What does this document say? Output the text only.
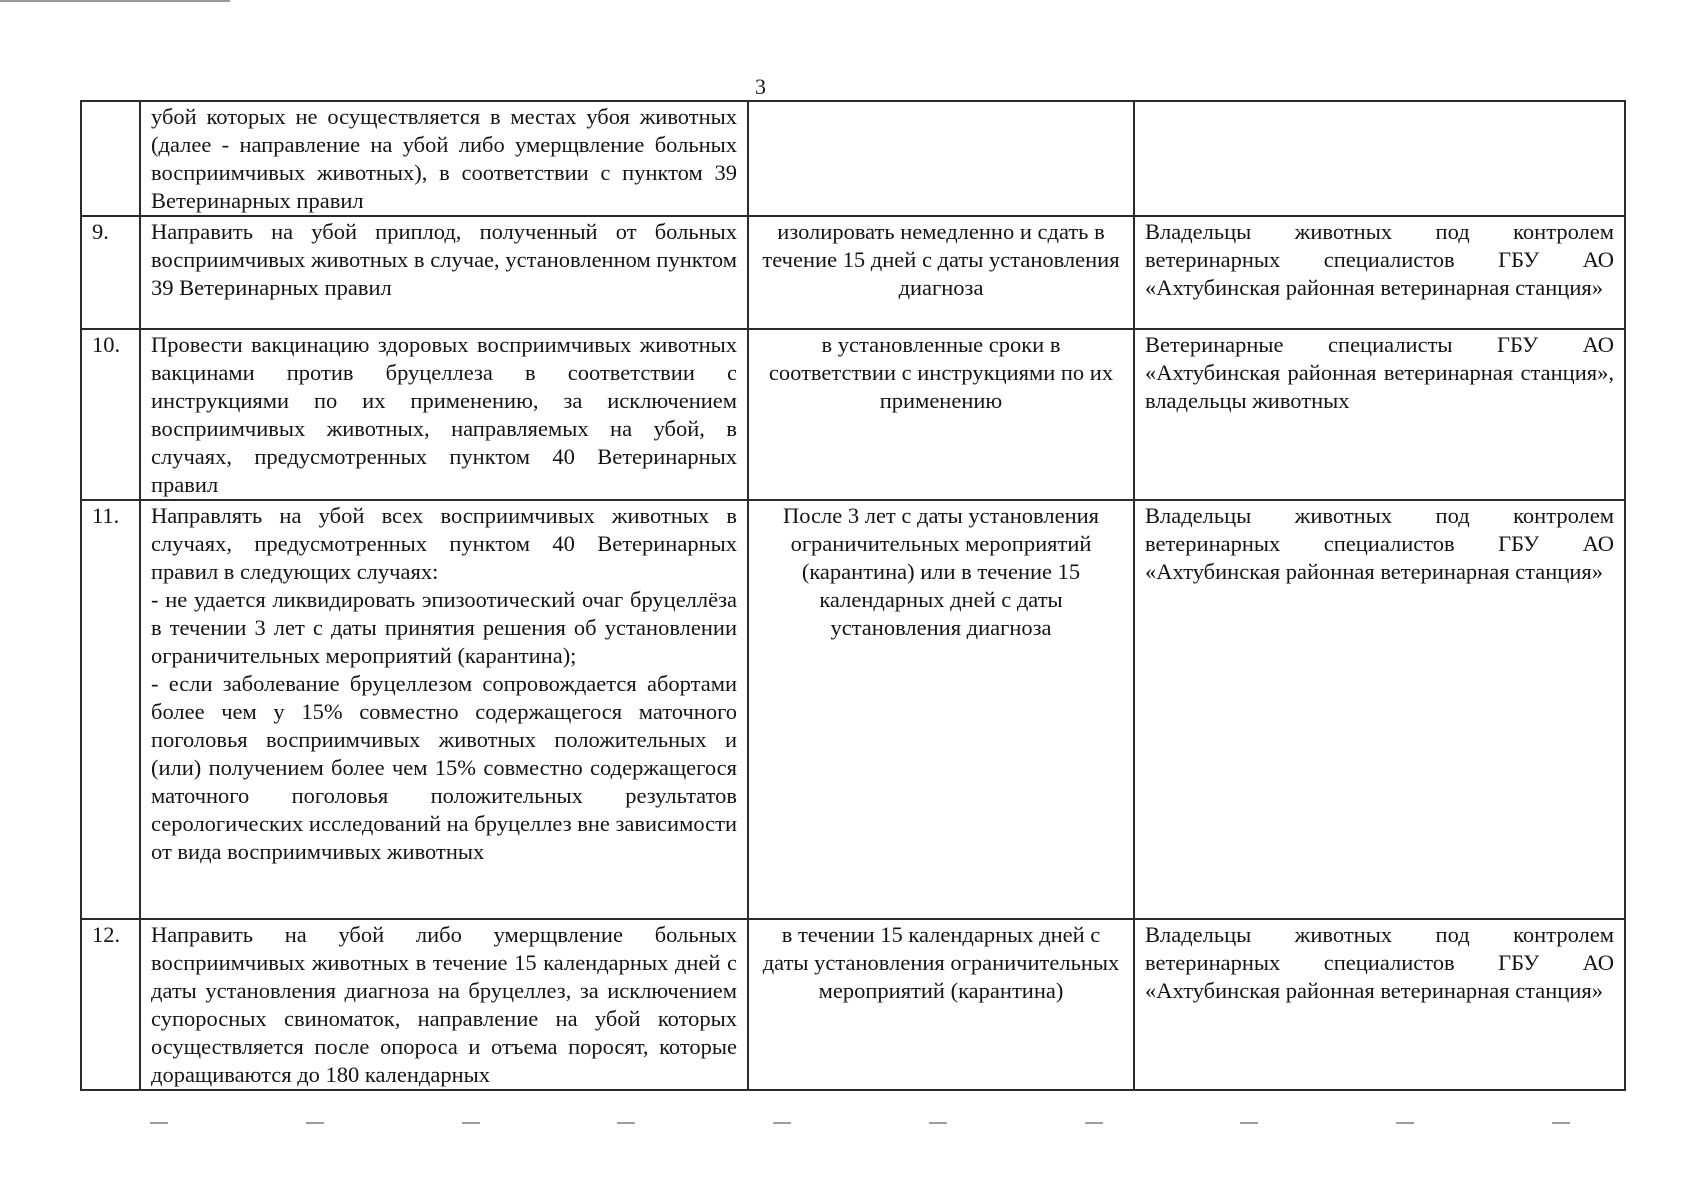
3
	убой которых не осуществляется в местах убоя животных (далее - направление на убой либо умерщвление больных восприимчивых животных), в соответствии с пунктом 39 Ветеринарных правил		
9.	Направить на убой приплод, полученный от больных восприимчивых животных в случае, установленном пунктом 39 Ветеринарных правил	изолировать немедленно и сдать в течение 15 дней с даты установления диагноза	Владельцы животных под контролем ветеринарных специалистов ГБУ АО «Ахтубинская районная ветеринарная станция»
10.	Провести вакцинацию здоровых восприимчивых животных вакцинами против бруцеллеза в соответствии с инструкциями по их применению, за исключением восприимчивых животных, направляемых на убой, в случаях, предусмотренных пунктом 40 Ветеринарных правил	в установленные сроки в соответствии с инструкциями по их применению	Ветеринарные специалисты ГБУ АО «Ахтубинская районная ветеринарная станция», владельцы животных
11.	Направлять на убой всех восприимчивых животных в случаях, предусмотренных пунктом 40 Ветеринарных правил в следующих случаях:
- не удается ликвидировать эпизоотический очаг бруцеллёза в течении 3 лет с даты принятия решения об установлении ограничительных мероприятий (карантина);
- если заболевание бруцеллезом сопровождается абортами более чем у 15% совместно содержащегося маточного поголовья восприимчивых животных положительных и (или) получением более чем 15% совместно содержащегося маточного поголовья положительных результатов серологических исследований на бруцеллез вне зависимости от вида восприимчивых животных	После 3 лет с даты установления ограничительных мероприятий (карантина) или в течение 15 календарных дней с даты установления диагноза	Владельцы животных под контролем ветеринарных специалистов ГБУ АО «Ахтубинская районная ветеринарная станция»
12.	Направить на убой либо умерщвление больных восприимчивых животных в течение 15 календарных дней с даты установления диагноза на бруцеллез, за исключением супоросных свиноматок, направление на убой которых осуществляется после опороса и отъема поросят, которые доращиваются до 180 календарных	в течении 15 календарных дней с даты установления ограничительных мероприятий (карантина)	Владельцы животных под контролем ветеринарных специалистов ГБУ АО «Ахтубинская районная ветеринарная станция»
